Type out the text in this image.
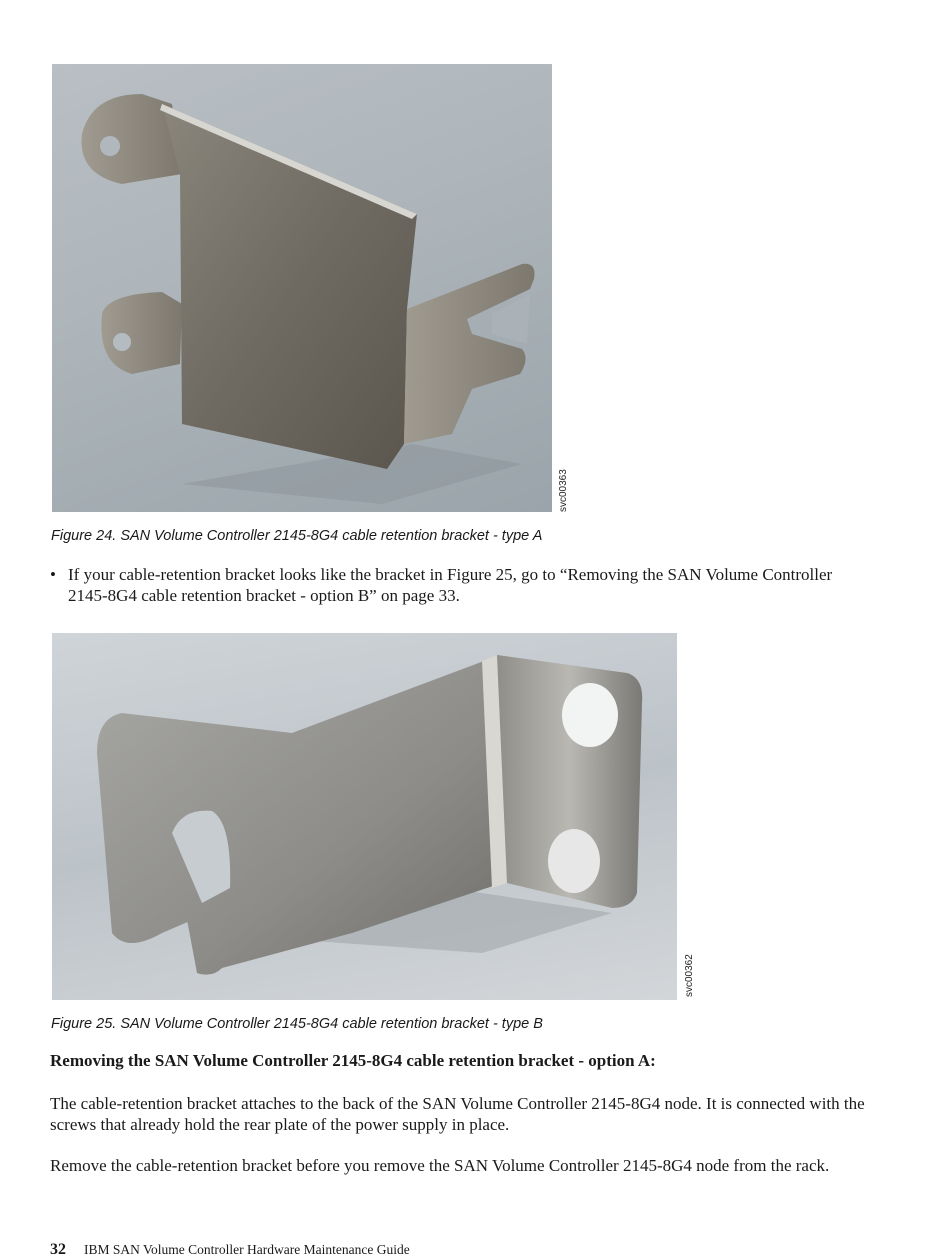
svc00363
Figure 24. SAN Volume Controller 2145-8G4 cable retention bracket - type A
• If your cable-retention bracket looks like the bracket in Figure 25, go to “Removing the SAN Volume Controller 2145-8G4 cable retention bracket - option B” on page 33.
svc00362
Figure 25. SAN Volume Controller 2145-8G4 cable retention bracket - type B
Removing the SAN Volume Controller 2145-8G4 cable retention bracket - option A:
The cable-retention bracket attaches to the back of the SAN Volume Controller 2145-8G4 node. It is connected with the screws that already hold the rear plate of the power supply in place.
Remove the cable-retention bracket before you remove the SAN Volume Controller 2145-8G4 node from the rack.
32 IBM SAN Volume Controller Hardware Maintenance Guide
